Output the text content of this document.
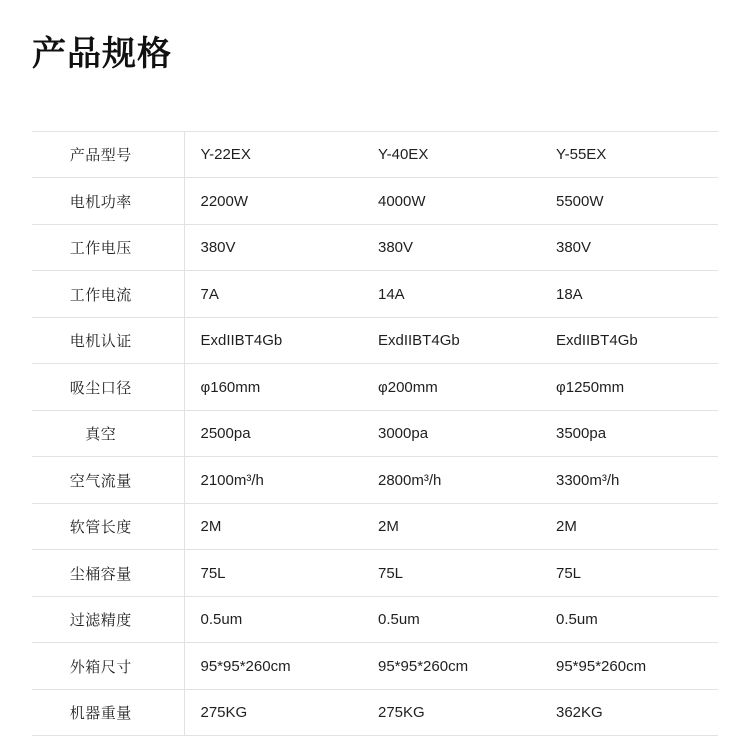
产品规格
产品型号	Y-22EX	Y-40EX	Y-55EX
电机功率	2200W	4000W	5500W
工作电压	380V	380V	380V
工作电流	7A	14A	18A
电机认证	ExdIIBT4Gb	ExdIIBT4Gb	ExdIIBT4Gb
吸尘口径	φ160mm	φ200mm	φ1250mm
真空	2500pa	3000pa	3500pa
空气流量	2100m³/h	2800m³/h	3300m³/h
软管长度	2M	2M	2M
尘桶容量	75L	75L	75L
过滤精度	0.5um	0.5um	0.5um
外箱尺寸	95*95*260cm	95*95*260cm	95*95*260cm
机器重量	275KG	275KG	362KG
